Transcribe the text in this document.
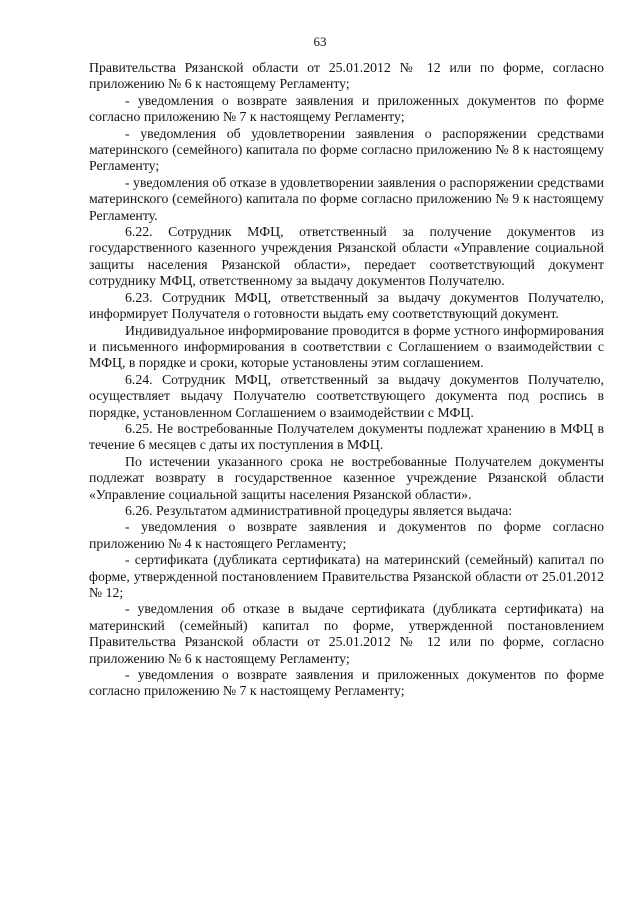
63

Правительства Рязанской области от 25.01.2012 № 12 или по форме, согласно приложению № 6 к настоящему Регламенту;

- уведомления о возврате заявления и приложенных документов по форме согласно приложению № 7 к настоящему Регламенту;

- уведомления об удовлетворении заявления о распоряжении средствами материнского (семейного) капитала по форме согласно приложению № 8 к настоящему Регламенту;

- уведомления об отказе в удовлетворении заявления о распоряжении средствами материнского (семейного) капитала по форме согласно приложению № 9 к настоящему Регламенту.

6.22. Сотрудник МФЦ, ответственный за получение документов из государственного казенного учреждения Рязанской области «Управление социальной защиты населения Рязанской области», передает соответствующий документ сотруднику МФЦ, ответственному за выдачу документов Получателю.

6.23. Сотрудник МФЦ, ответственный за выдачу документов Получателю, информирует Получателя о готовности выдать ему соответствующий документ.

Индивидуальное информирование проводится в форме устного информирования и письменного информирования в соответствии с Соглашением о взаимодействии с МФЦ, в порядке и сроки, которые установлены этим соглашением.

6.24. Сотрудник МФЦ, ответственный за выдачу документов Получателю, осуществляет выдачу Получателю соответствующего документа под роспись в порядке, установленном Соглашением о взаимодействии с МФЦ.

6.25. Не востребованные Получателем документы подлежат хранению в МФЦ в течение 6 месяцев с даты их поступления в МФЦ.

По истечении указанного срока не востребованные Получателем документы подлежат возврату в государственное казенное учреждение Рязанской области «Управление социальной защиты населения Рязанской области».

6.26. Результатом административной процедуры является выдача:

- уведомления о возврате заявления и документов по форме согласно приложению № 4 к настоящего Регламенту;

- сертификата (дубликата сертификата) на материнский (семейный) капитал по форме, утвержденной постановлением Правительства Рязанской области от 25.01.2012 № 12;

- уведомления об отказе в выдаче сертификата (дубликата сертификата) на материнский (семейный) капитал по форме, утвержденной постановлением Правительства Рязанской области от 25.01.2012 № 12 или по форме, согласно приложению № 6 к настоящему Регламенту;

- уведомления о возврате заявления и приложенных документов по форме согласно приложению № 7 к настоящему Регламенту;
